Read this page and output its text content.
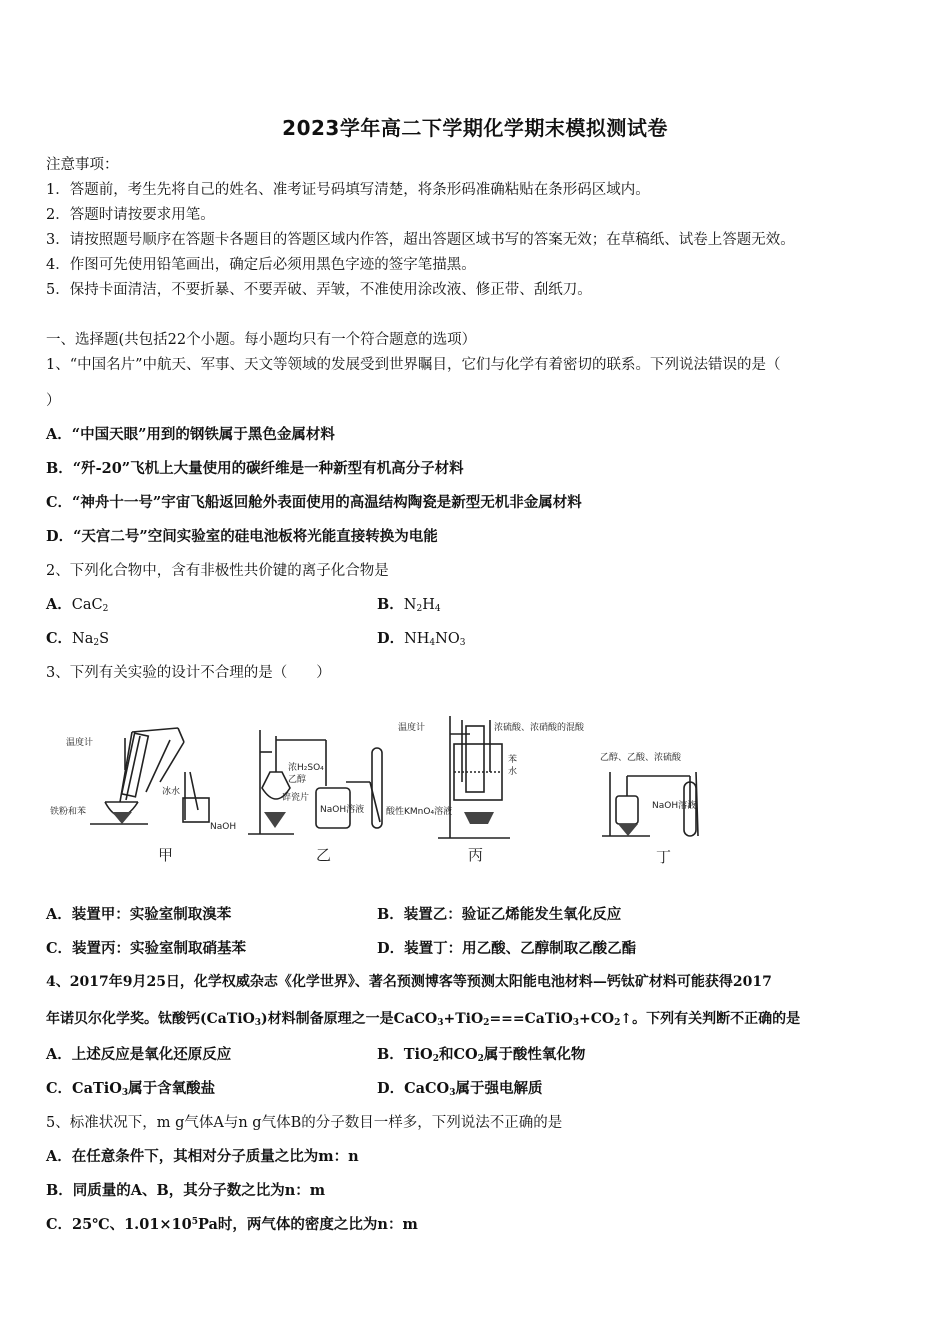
2023学年高二下学期化学期末模拟测试卷
注意事项：
1．答题前，考生先将自己的姓名、准考证号码填写清楚，将条形码准确粘贴在条形码区域内。
2．答题时请按要求用笔。
3．请按照题号顺序在答题卡各题目的答题区域内作答，超出答题区域书写的答案无效；在草稿纸、试卷上答题无效。
4．作图可先使用铅笔画出，确定后必须用黑色字迹的签字笔描黑。
5．保持卡面清洁，不要折暴、不要弄破、弄皱，不准使用涂改液、修正带、刮纸刀。
一、选择题(共包括22个小题。每小题均只有一个符合题意的选项）
1、“中国名片”中航天、军事、天文等领域的发展受到世界瞩目，它们与化学有着密切的联系。下列说法错误的是（
）
A．“中国天眼”用到的钢铁属于黑色金属材料
B．“歼-20”飞机上大量使用的碳纤维是一种新型有机高分子材料
C．“神舟十一号”宇宙飞船返回舱外表面使用的高温结构陶瓷是新型无机非金属材料
D．“天宫二号”空间实验室的硅电池板将光能直接转换为电能
2、下列化合物中，含有非极性共价键的离子化合物是
A．CaC$_2$	B．$N_2H_4$
C．$Na_2S$	D．$NH_4NO_3$
3、下列有关实验的设计不合理的是（　　）
温度计
冰水
铁粉和苯
NaOH
甲
浓H₂SO₄
乙醇
碎瓷片
NaOH溶液 酸性KMnO₄溶液
乙
温度计	浓硫酸、浓硝酸的混酸
苯
水
丙
乙醇、乙酸、浓硫酸
NaOH溶液
丁
A．装置甲：实验室制取溴苯	B．装置乙：验证乙烯能发生氧化反应
C．装置丙：实验室制取硝基苯	D．装置丁：用乙酸、乙醇制取乙酸乙酯
4、2017年9月25日，化学权威杂志《化学世界》、著名预测博客等预测太阳能电池材料—钙钛矿材料可能获得2017
年诺贝尔化学奖。钛酸钙(CaTiO$_3$)材料制备原理之一是$CaCO_3+TiO_2===CaTiO_3+CO_2↑$。下列有关判断不正确的是
A．上述反应是氧化还原反应	B．TiO$_2$和$CO_2$属于酸性氧化物
C．CaTiO$_3$属于含氧酸盐	D．CaCO$_3$属于强电解质
5、标准状况下，m g气体A与n g气体B的分子数目一样多，下列说法不正确的是
A．在任意条件下，其相对分子质量之比为m：n
B．同质量的A、B，其分子数之比为n：m
C．25℃、$1.01\times 10^5Pa$时，两气体的密度之比为n：m
